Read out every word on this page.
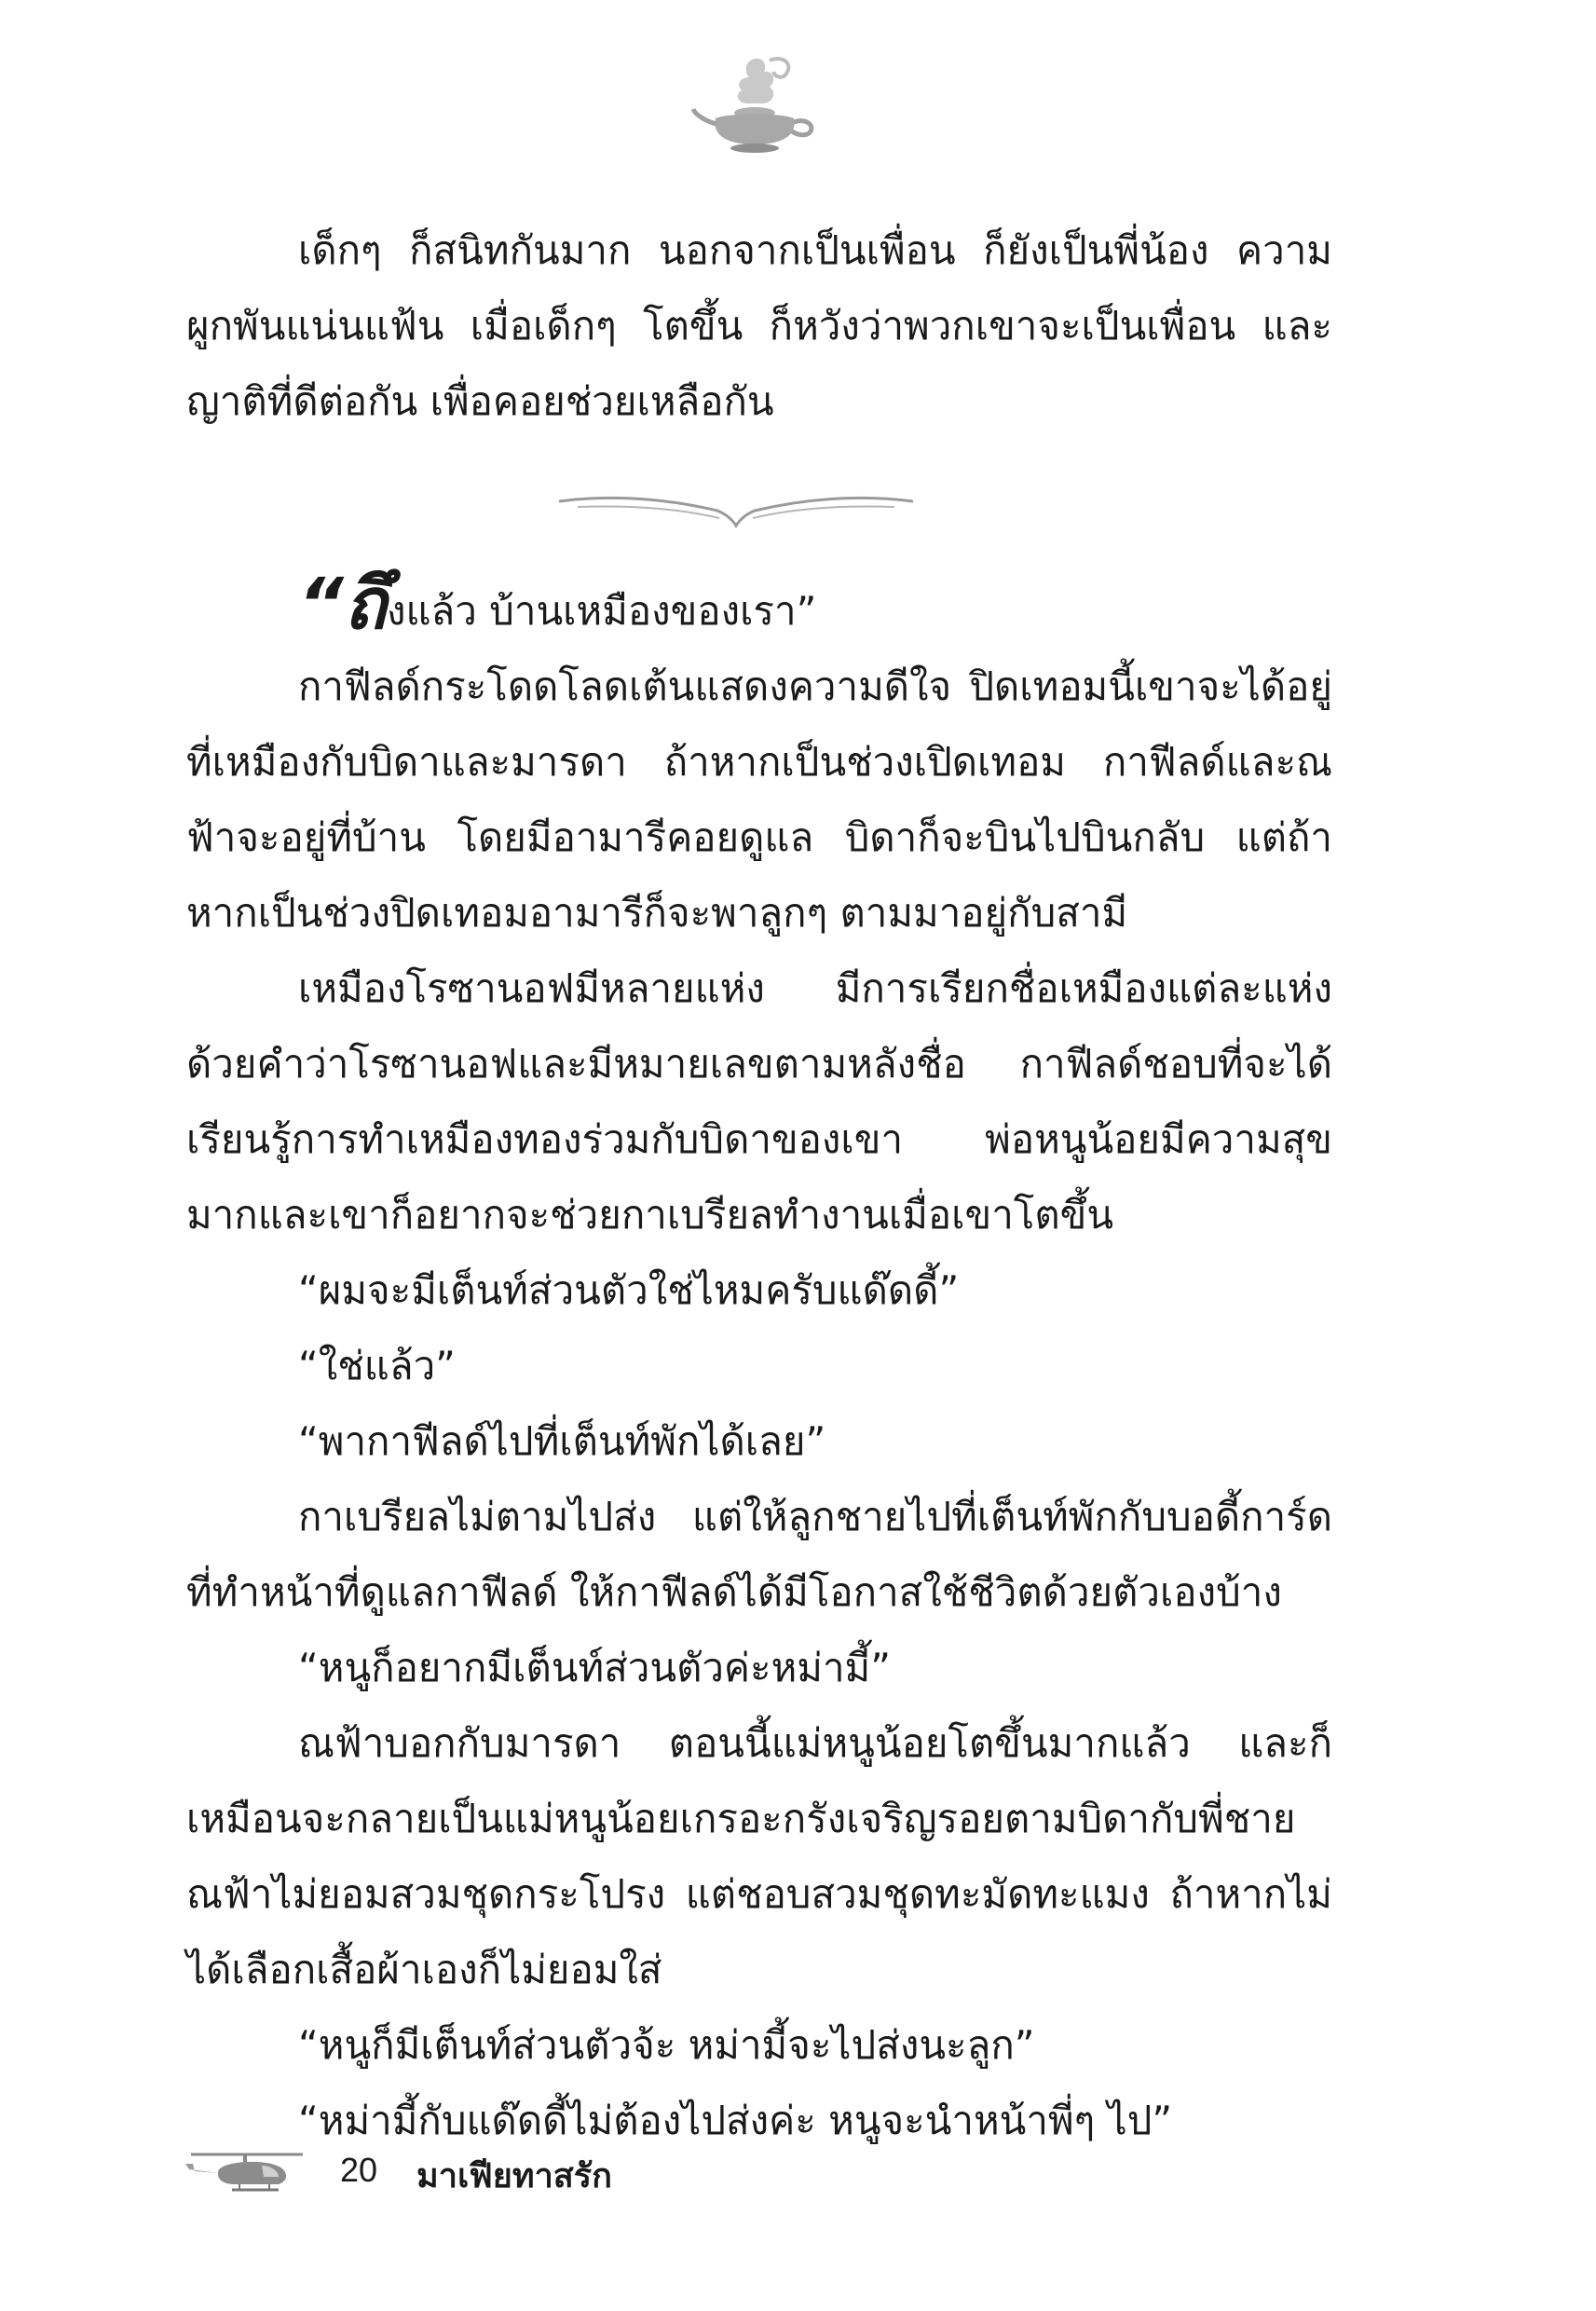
เด็กๆ ก็สนิทกันมาก นอกจากเป็นเพื่อน ก็ยังเป็นพี่น้อง ความผูกพันแน่นแฟ้น เมื่อเด็กๆ โตขึ้น ก็หวังว่าพวกเขาจะเป็นเพื่อน และญาติที่ดีต่อกัน เพื่อคอยช่วยเหลือกัน
“ถึงแล้ว บ้านเหมืองของเรา”
กาฟีลด์กระโดดโลดเต้นแสดงความดีใจ ปิดเทอมนี้เขาจะได้อยู่ที่เหมืองกับบิดาและมารดา ถ้าหากเป็นช่วงเปิดเทอม กาฟีลด์และณฟ้าจะอยู่ที่บ้าน โดยมีอามารีคอยดูแล บิดาก็จะบินไปบินกลับ แต่ถ้าหากเป็นช่วงปิดเทอมอามารีก็จะพาลูกๆ ตามมาอยู่กับสามี
เหมืองโรซานอฟมีหลายแห่ง มีการเรียกชื่อเหมืองแต่ละแห่งด้วยคำว่าโรซานอฟและมีหมายเลขตามหลังชื่อ กาฟีลด์ชอบที่จะได้เรียนรู้การทำเหมืองทองร่วมกับบิดาของเขา พ่อหนูน้อยมีความสุขมากและเขาก็อยากจะช่วยกาเบรียลทำงานเมื่อเขาโตขึ้น
“ผมจะมีเต็นท์ส่วนตัวใช่ไหมครับแด๊ดดี้”
“ใช่แล้ว”
“พากาฟีลด์ไปที่เต็นท์พักได้เลย”
กาเบรียลไม่ตามไปส่ง แต่ให้ลูกชายไปที่เต็นท์พักกับบอดี้การ์ดที่ทำหน้าที่ดูแลกาฟีลด์ ให้กาฟีลด์ได้มีโอกาสใช้ชีวิตด้วยตัวเองบ้าง
“หนูก็อยากมีเต็นท์ส่วนตัวค่ะหม่ามี้”
ณฟ้าบอกกับมารดา ตอนนี้แม่หนูน้อยโตขึ้นมากแล้ว และก็เหมือนจะกลายเป็นแม่หนูน้อยเกรอะกรังเจริญรอยตามบิดากับพี่ชาย ณฟ้าไม่ยอมสวมชุดกระโปรง แต่ชอบสวมชุดทะมัดทะแมง ถ้าหากไม่ได้เลือกเสื้อผ้าเองก็ไม่ยอมใส่
“หนูก็มีเต็นท์ส่วนตัวจ้ะ หม่ามี้จะไปส่งนะลูก”
“หม่ามี้กับแด๊ดดี้ไม่ต้องไปส่งค่ะ หนูจะนำหน้าพี่ๆ ไป”
20 มาเฟียทาสรัก
